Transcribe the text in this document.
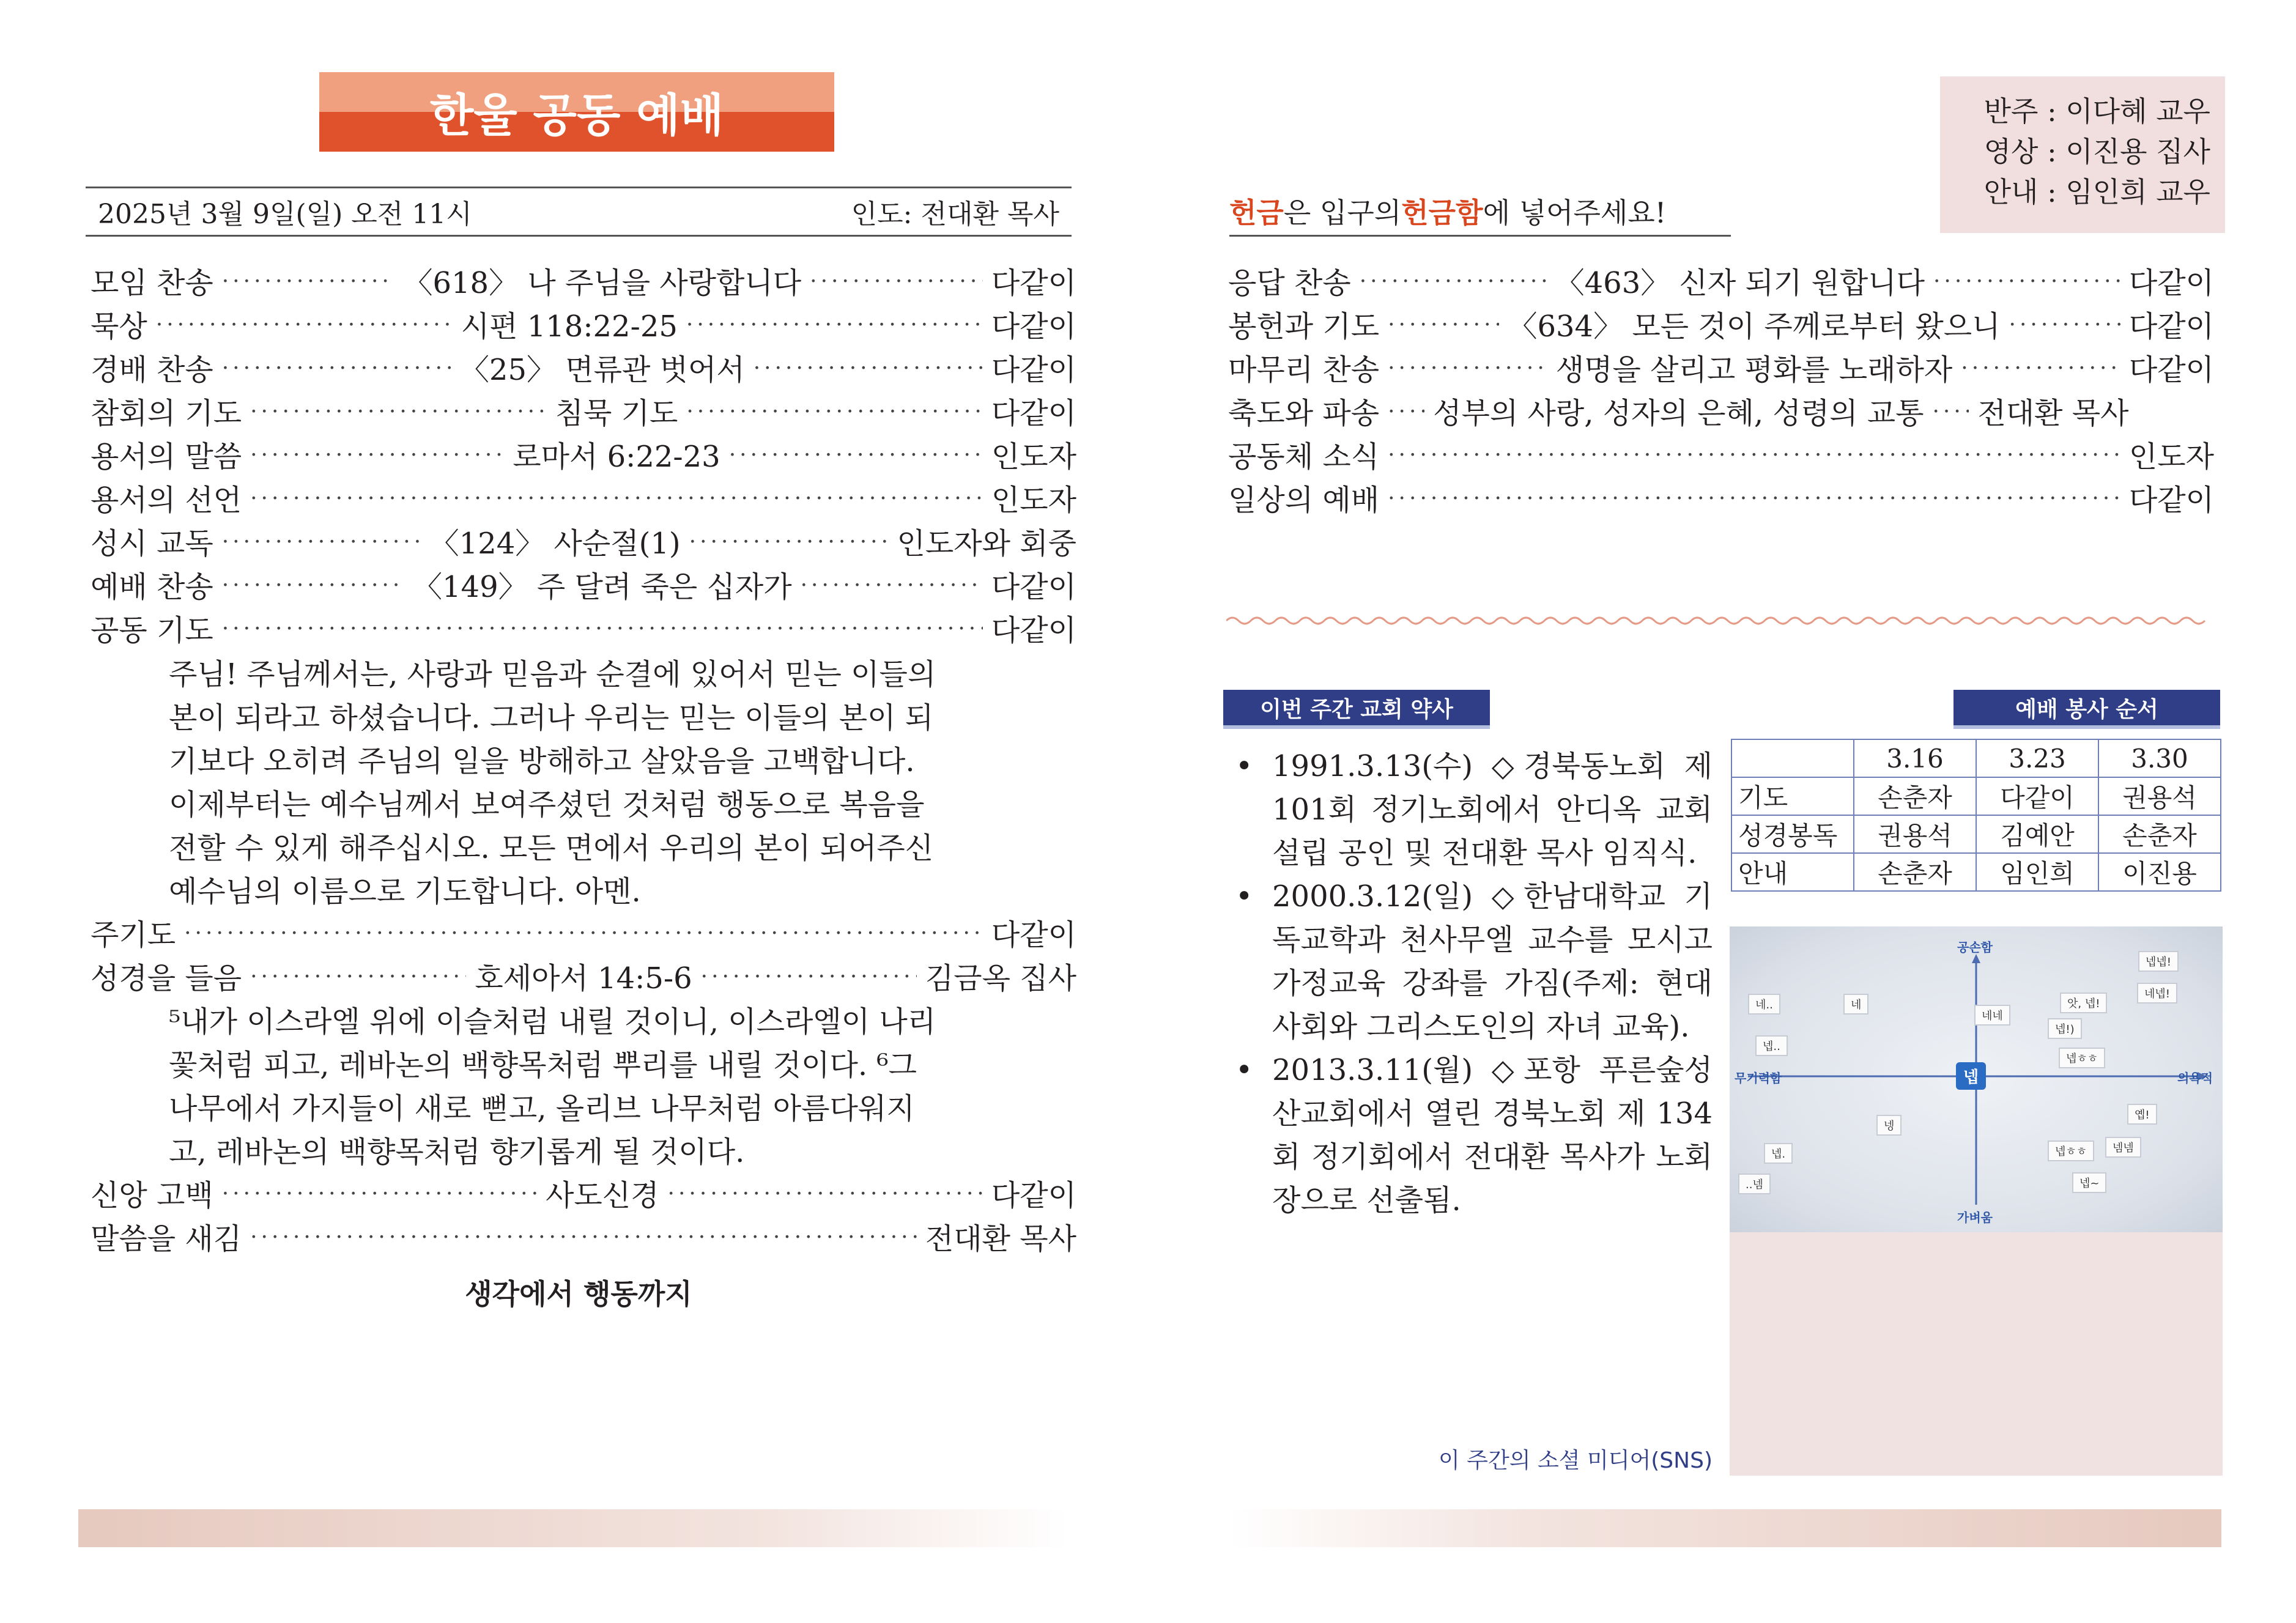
한울 공동 예배
2025년 3월 9일(일) 오전 11시	인도: 전대환 목사
모임 찬송 ·····	〈618〉 나 주님을 사랑합니다 ·····	다같이
묵상 ·····	시편 118:22-25 ·····	다같이
경배 찬송 ·····	〈25〉 면류관 벗어서 ·····	다같이
참회의 기도 ·····	침묵 기도 ·····	다같이
용서의 말씀 ·····	로마서 6:22-23 ·····	인도자
용서의 선언 ·····	인도자
성시 교독 ·····	〈124〉 사순절(1) ·····	인도자와 회중
예배 찬송 ·····	〈149〉 주 달려 죽은 십자가 ·····	다같이
공동 기도 ·····	다같이

주님! 주님께서는, 사랑과 믿음과 순결에 있어서 믿는 이들의

본이 되라고 하셨습니다. 그러나 우리는 믿는 이들의 본이 되

기보다 오히려 주님의 일을 방해하고 살았음을 고백합니다.

이제부터는 예수님께서 보여주셨던 것처럼 행동으로 복음을

전할 수 있게 해주십시오. 모든 면에서 우리의 본이 되어주신

예수님의 이름으로 기도합니다. 아멘.

주기도 ·····	다같이
성경을 들음 ·····	호세아서 14:5-6 ·····	김금옥 집사

⁵내가 이스라엘 위에 이슬처럼 내릴 것이니, 이스라엘이 나리

꽃처럼 피고, 레바논의 백향목처럼 뿌리를 내릴 것이다. ⁶그

나무에서 가지들이 새로 뻗고, 올리브 나무처럼 아름다워지

고, 레바논의 백향목처럼 향기롭게 될 것이다.

신앙 고백 ·····	사도신경 ·····	다같이
말씀을 새김 ·····	전대환 목사
생각에서 행동까지
반주 : 이다혜 교우
영상 : 이진용 집사
안내 : 임인희 교우
헌금 은 입구의 헌금함 에 넣어주세요!
응답 찬송 ·····	〈463〉 신자 되기 원합니다 ·····	다같이
봉헌과 기도 ·····	〈634〉 모든 것이 주께로부터 왔으니 ·····	다같이
마무리 찬송 ·····	생명을 살리고 평화를 노래하자 ·····	다같이
축도와 파송 ····· 성부의 사랑, 성자의 은혜, 성령의 교통 ····· 전대환 목사
공동체 소식 ·····	인도자
일상의 예배 ·····	다같이
이번 주간 교회 약사	예배 봉사 순서
• 1991.3.13(수) ◇경북동노회 제 101회 정기노회에서 안디옥 교회 설립 공인 및 전대환 목사 임직식.
• 2000.3.12(일) ◇한남대학교 기독교학과 천사무엘 교수를 모시고 가정교육 강좌를 가짐(주제: 현대사회와 그리스도인의 자녀 교육).
• 2013.3.11(월) ◇포항 푸른숲성산교회에서 열린 경북노회 제 134회 정기회에서 전대환 목사가 노회장으로 선출됨.
	3.16	3.23	3.30
기도	손춘자	다같이	권용석
성경봉독	권용석	김예안	손춘자
안내	손춘자	임인희	이진용
공손함
가벼움
무기력함	의욕적
넵
넵넵!
네넵!
앗, 넵!
넵!)
네
네..
넵..
네네
넵ㅎㅎ
넹
옙!
넵ㅎㅎ	넴넴
넵~
넵.
..넴
이 주간의 소셜 미디어(SNS)
